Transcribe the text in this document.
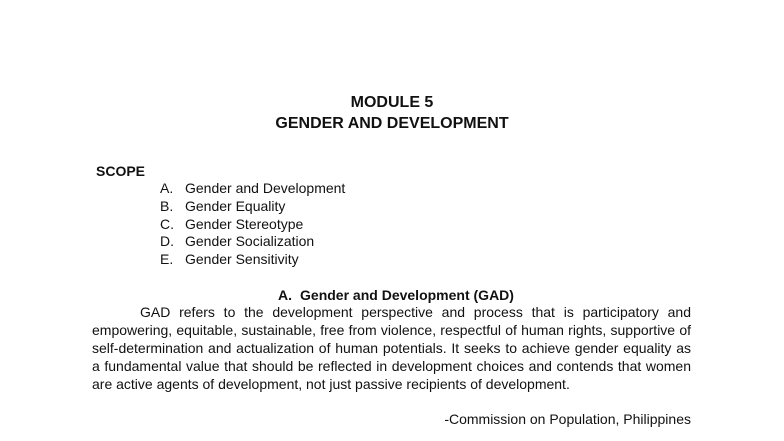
MODULE 5
GENDER AND DEVELOPMENT
SCOPE
A. Gender and Development
B. Gender Equality
C. Gender Stereotype
D. Gender Socialization
E. Gender Sensitivity
A. Gender and Development (GAD)

GAD refers to the development perspective and process that is participatory and empowering, equitable, sustainable, free from violence, respectful of human rights, supportive of self-determination and actualization of human potentials. It seeks to achieve gender equality as a fundamental value that should be reflected in development choices and contends that women are active agents of development, not just passive recipients of development.

-Commission on Population, Philippines
